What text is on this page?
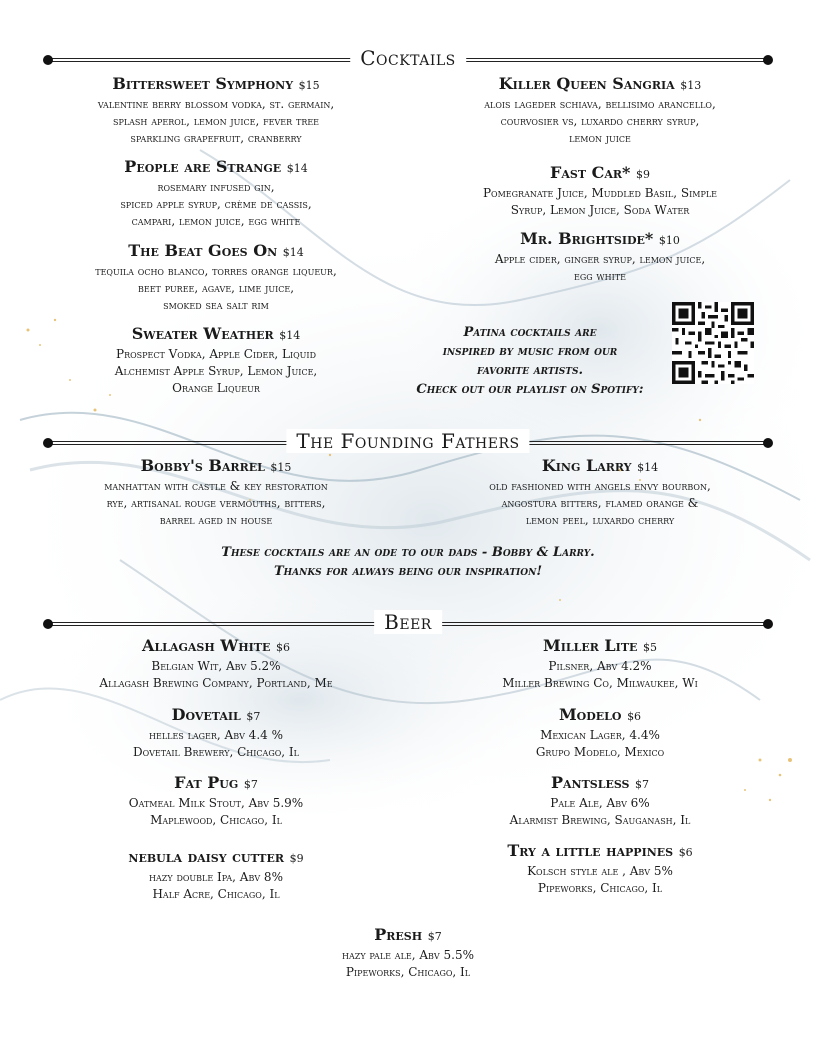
Cocktails
Bittersweet Symphony $15
valentine berry blossom vodka, st. germain,
splash aperol, lemon juice, fever tree
sparkling grapefruit, cranberry
Killer Queen Sangria $13
alois lageder schiava, bellisimo arancello,
courvosier vs, luxardo cherry syrup,
lemon juice
People are Strange $14
rosemary infused gin,
spiced apple syrup, crème de cassis,
campari, lemon juice, egg white
Fast Car* $9
Pomegranate Juice, Muddled Basil, Simple
Syrup, Lemon Juice, Soda Water
The Beat Goes On $14
tequila ocho blanco, torres orange liqueur,
beet puree, agave, lime juice,
smoked sea salt rim
Mr. Brightside* $10
Apple cider, ginger syrup, lemon juice,
egg white
Sweater Weather $14
Prospect Vodka, Apple Cider, Liquid
Alchemist Apple Syrup, Lemon Juice,
Orange Liqueur
Patina cocktails are
inspired by music from our
favorite artists.
Check out our playlist on Spotify:
The Founding Fathers
Bobby's Barrel $15
manhattan with castle & key restoration
rye, artisanal rouge vermouths, bitters,
barrel aged in house
King Larry $14
old fashioned with angels envy bourbon,
angostura bitters, flamed orange &
lemon peel, luxardo cherry
These cocktails are an ode to our dads - Bobby & Larry.
Thanks for always being our inspiration!
Beer
Allagash White $6
Belgian Wit, Abv 5.2%
Allagash Brewing Company, Portland, Me
Miller Lite $5
Pilsner, Abv 4.2%
Miller Brewing Co, Milwaukee, Wi
Dovetail $7
helles lager, Abv 4.4 %
Dovetail Brewery, Chicago, Il
Modelo $6
Mexican Lager, 4.4%
Grupo Modelo, Mexico
Fat Pug $7
Oatmeal Milk Stout, Abv 5.9%
Maplewood, Chicago, Il
Pantsless $7
Pale Ale, Abv 6%
Alarmist Brewing, Sauganash, Il
nebula daisy cutter $9
hazy double Ipa, Abv 8%
Half Acre, Chicago, Il
Try a little happines $6
Kolsch style ale , Abv 5%
Pipeworks, Chicago, Il
Presh $7
hazy pale ale, Abv 5.5%
Pipeworks, Chicago, Il
